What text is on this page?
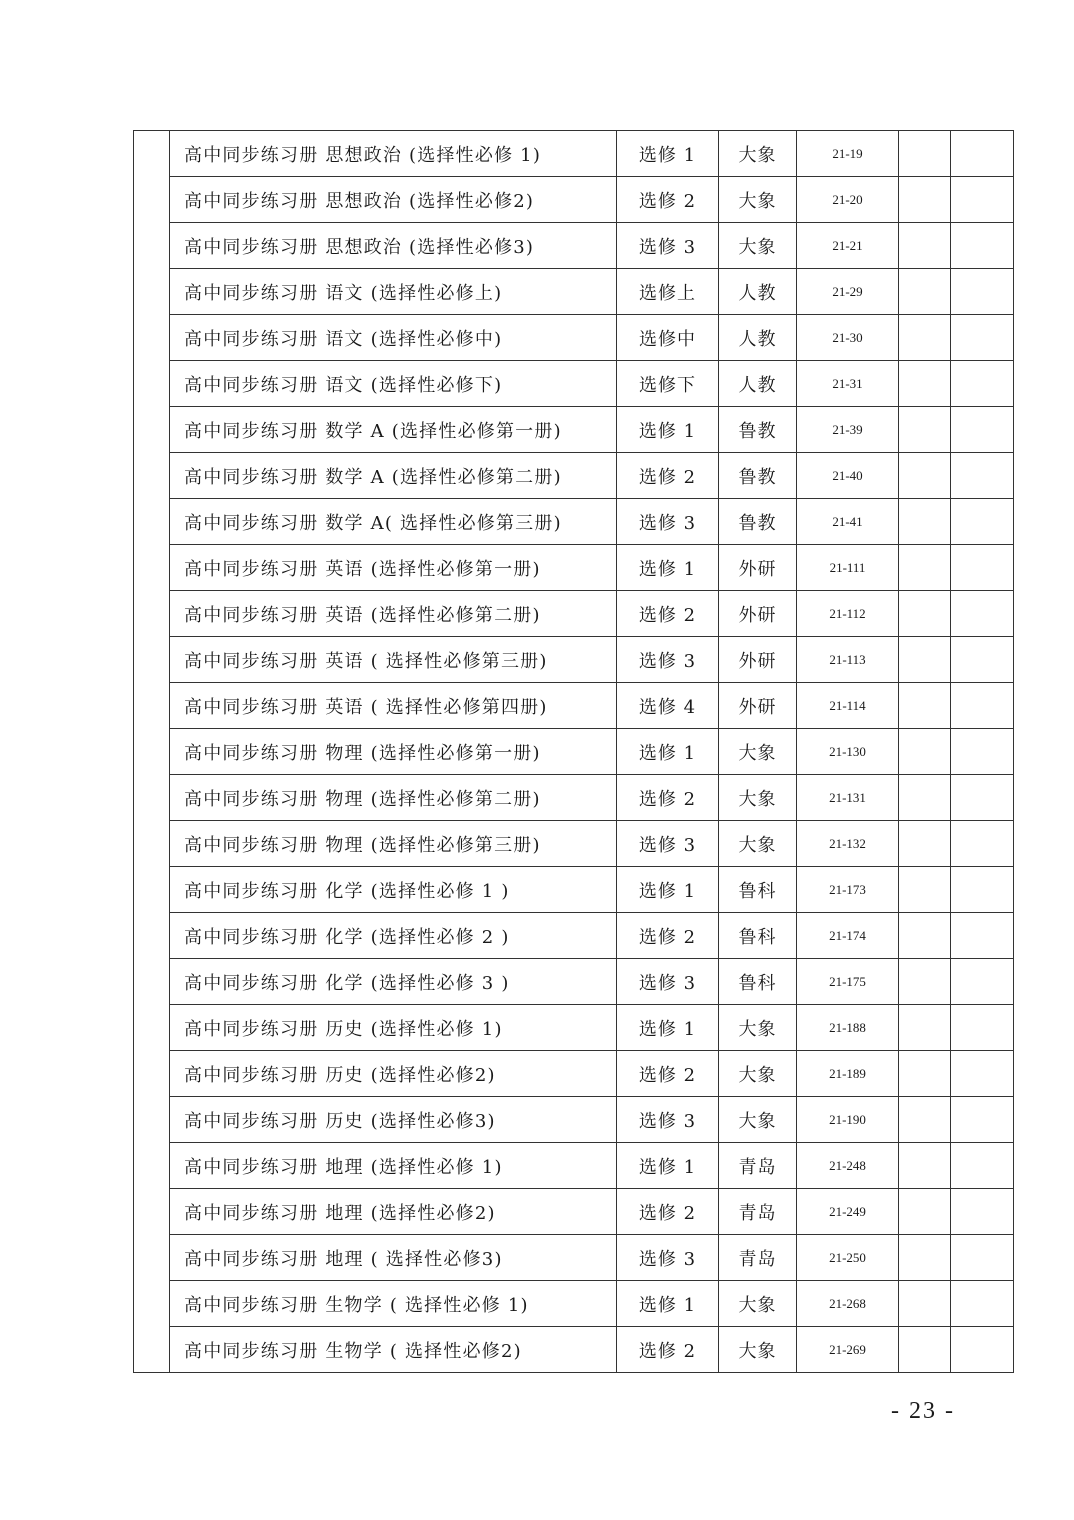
	高中同步练习册 思想政治 (选择性必修 1)	选修 1	大象	21-19		
	高中同步练习册 思想政治 (选择性必修2)	选修 2	大象	21-20		
	高中同步练习册 思想政治 (选择性必修3)	选修 3	大象	21-21		
	高中同步练习册 语文 (选择性必修上)	选修上	人教	21-29		
	高中同步练习册 语文 (选择性必修中)	选修中	人教	21-30		
	高中同步练习册 语文 (选择性必修下)	选修下	人教	21-31		
	高中同步练习册 数学 A (选择性必修第一册)	选修 1	鲁教	21-39		
	高中同步练习册 数学 A (选择性必修第二册)	选修 2	鲁教	21-40		
	高中同步练习册 数学 A( 选择性必修第三册)	选修 3	鲁教	21-41		
	高中同步练习册 英语 (选择性必修第一册)	选修 1	外研	21-111		
	高中同步练习册 英语 (选择性必修第二册)	选修 2	外研	21-112		
	高中同步练习册 英语 ( 选择性必修第三册)	选修 3	外研	21-113		
	高中同步练习册 英语 ( 选择性必修第四册)	选修 4	外研	21-114		
	高中同步练习册 物理 (选择性必修第一册)	选修 1	大象	21-130		
	高中同步练习册 物理 (选择性必修第二册)	选修 2	大象	21-131		
	高中同步练习册 物理 (选择性必修第三册)	选修 3	大象	21-132		
	高中同步练习册 化学 (选择性必修 1 )	选修 1	鲁科	21-173		
	高中同步练习册 化学 (选择性必修 2 )	选修 2	鲁科	21-174		
	高中同步练习册 化学 (选择性必修 3 )	选修 3	鲁科	21-175		
	高中同步练习册 历史 (选择性必修 1)	选修 1	大象	21-188		
	高中同步练习册 历史 (选择性必修2)	选修 2	大象	21-189		
	高中同步练习册 历史 (选择性必修3)	选修 3	大象	21-190		
	高中同步练习册 地理 (选择性必修 1)	选修 1	青岛	21-248		
	高中同步练习册 地理 (选择性必修2)	选修 2	青岛	21-249		
	高中同步练习册 地理 ( 选择性必修3)	选修 3	青岛	21-250		
	高中同步练习册 生物学 ( 选择性必修 1)	选修 1	大象	21-268		
	高中同步练习册 生物学 ( 选择性必修2)	选修 2	大象	21-269		
- 23 -
